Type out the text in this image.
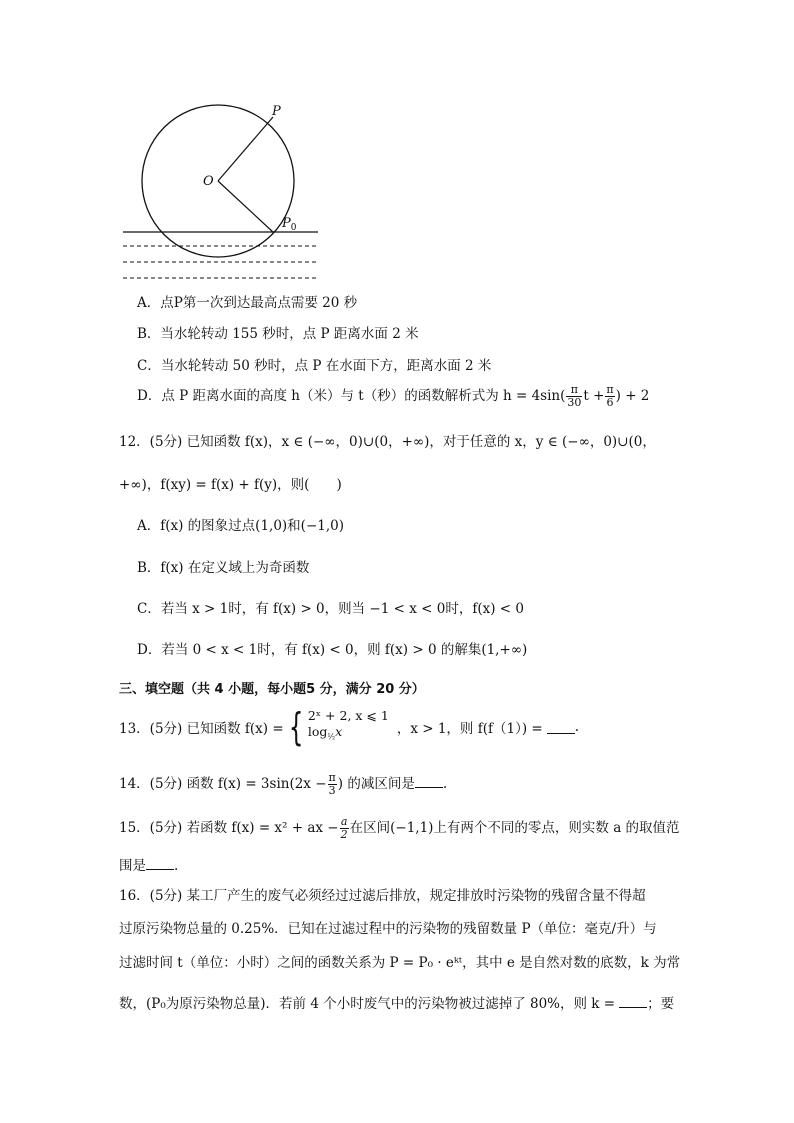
P
O
$P_0$
A．点P第一次到达最高点需要 20 秒
B．当水轮转动 155 秒时，点 P 距离水面 2 米
C．当水轮转动 50 秒时，点 P 在水面下方，距离水面 2 米
D．点 P 距离水面的高度 h（米）与 t（秒）的函数解析式为 $h = 4\sin( \frac{\pi}{30}$ $t + \frac{\pi}{6}$ ) + 2
12．(5分) 已知函数 f(x)，x ∈ (−∞，0)∪(0，+∞)，对于任意的 x，y ∈ (−∞，0)∪(0，
+∞)，f(xy) = f(x) + f(y)，则(　　)
A．f(x) 的图象过点(1,0)和(−1,0)
B．f(x) 在定义域上为奇函数
C．若当 x > 1时，有 f(x) > 0，则当 −1 < x < 0时，f(x) < 0
D．若当 0 < x < 1时，有 f(x) < 0，则 f(x) > 0 的解集(1,+∞)
三、填空题（共 4 小题，每小题5 分，满分 20 分）
13．(5分) 已知函数 f(x) = { 2ˣ + 2, x ⩽ 1
$\log_{\frac{1}{2}}x$	，x > 1，则 f(f（1）) = .
14．(5分) 函数 $f(x) = 3\sin(2x - \frac{\pi}{3}$ ) 的减区间是 .
15．(5分) 若函数 f(x) = x² + ax − $\frac{a}{2}$ 在区间(−1,1)上有两个不同的零点，则实数 a 的取值范
围是 .
16．(5分) 某工厂产生的废气必须经过过滤后排放，规定排放时污染物的残留含量不得超
过原污染物总量的 0.25%．已知在过滤过程中的污染物的残留数量 P（单位：毫克/升）与
过滤时间 t（单位：小时）之间的函数关系为 P = P₀ · eᵏᵗ，其中 e 是自然对数的底数，k 为常
数，(P₀为原污染物总量)．若前 4 个小时废气中的污染物被过滤掉了 80%，则 k = ；要
